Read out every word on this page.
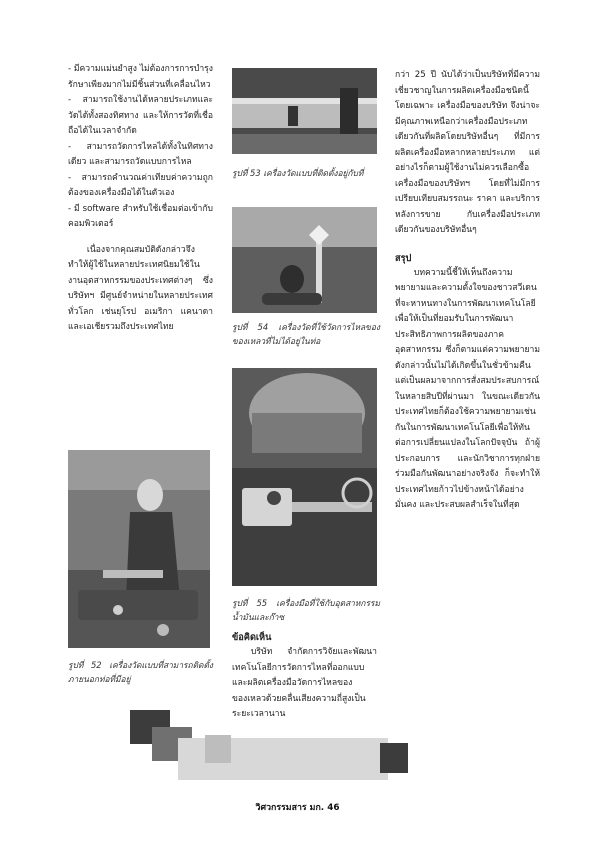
- มีความแม่นยำสูง ไม่ต้องการการบำรุงรักษาเพียงมากไม่มีชิ้นส่วนที่เคลื่อนไหว

- สามารถใช้งานได้หลายประเภทและวัดได้ทั้งสองทิศทาง และให้การวัดที่เชื่อถือได้ในเวลาจำกัด

- สามารถวัดการไหลได้ทั้งในทิศทางเดียว และสามารถวัดแบบการไหล

- สามารถคำนวณค่าเทียบค่าความถูกต้องของเครื่องมือได้ในตัวเอง

- มี software สำหรับใช้เชื่อมต่อเข้ากับคอมพิวเตอร์

เนื่องจากคุณสมบัติดังกล่าวจึงทำให้ผู้ใช้ในหลายประเทศนิยมใช้ในงานอุตสาหกรรมของประเทศต่างๆ ซึ่งบริษัทฯ มีศูนย์จำหน่ายในหลายประเทศทั่วโลก เช่นยุโรป อเมริกา แคนาดา และเอเชียรวมถึงประเทศไทย

รูปที่ 52 เครื่องวัดแบบที่สามารถติดตั้งภายนอกท่อที่มีอยู่

รูปที่ 53 เครื่องวัดแบบที่ติดตั้งอยู่กับที่

รูปที่ 54 เครื่องวัดที่ใช้วัดการไหลของของเหลวที่ไม่ได้อยู่ในท่อ

รูปที่ 55 เครื่องมือที่ใช้กับอุตสาหกรรมน้ำมันและก๊าซ

ข้อคิดเห็น

บริษัท จำกัดการวิจัยและพัฒนาเทคโนโลยีการวัดการไหลที่ออกแบบ และผลิตเครื่องมือวัดการไหลของของเหลวด้วยคลื่นเสียงความถี่สูงเป็นระยะเวลานาน

กว่า 25 ปี นับได้ว่าเป็นบริษัทที่มีความเชี่ยวชาญในการผลิตเครื่องมือชนิดนี้โดยเฉพาะ เครื่องมือของบริษัท จึงน่าจะมีคุณภาพเหนือกว่าเครื่องมือประเภทเดียวกันที่ผลิตโดยบริษัทอื่นๆ ที่มีการผลิตเครื่องมือหลากหลายประเภท แต่อย่างไรก็ตามผู้ใช้งานไม่ควรเลือกซื้อเครื่องมือของบริษัทฯ โดยที่ไม่มีการเปรียบเทียบสมรรถนะ ราคา และบริการหลังการขาย กับเครื่องมือประเภทเดียวกันของบริษัทอื่นๆ

สรุป

บทความนี้ชี้ให้เห็นถึงความพยายามและความตั้งใจของชาวสวีเดนที่จะหาหนทางในการพัฒนาเทคโนโลยีเพื่อให้เป็นที่ยอมรับในการพัฒนาประสิทธิภาพการผลิตของภาคอุตสาหกรรม ซึ่งก็ตามแต่ความพยายามดังกล่าวนั้นไม่ได้เกิดขึ้นในชั่วข้ามคืน แต่เป็นผลมาจากการสั่งสมประสบการณ์ในหลายสิบปีที่ผ่านมา ในขณะเดียวกันประเทศไทยก็ต้องใช้ความพยายามเช่นกันในการพัฒนาเทคโนโลยีเพื่อให้ทันต่อการเปลี่ยนแปลงในโลกปัจจุบัน ถ้าผู้ประกอบการ และนักวิชาการทุกฝ่ายร่วมมือกันพัฒนาอย่างจริงจัง ก็จะทำให้ประเทศไทยก้าวไปข้างหน้าได้อย่างมั่นคง และประสบผลสำเร็จในที่สุด

วิศวกรรมสาร มก. 46
